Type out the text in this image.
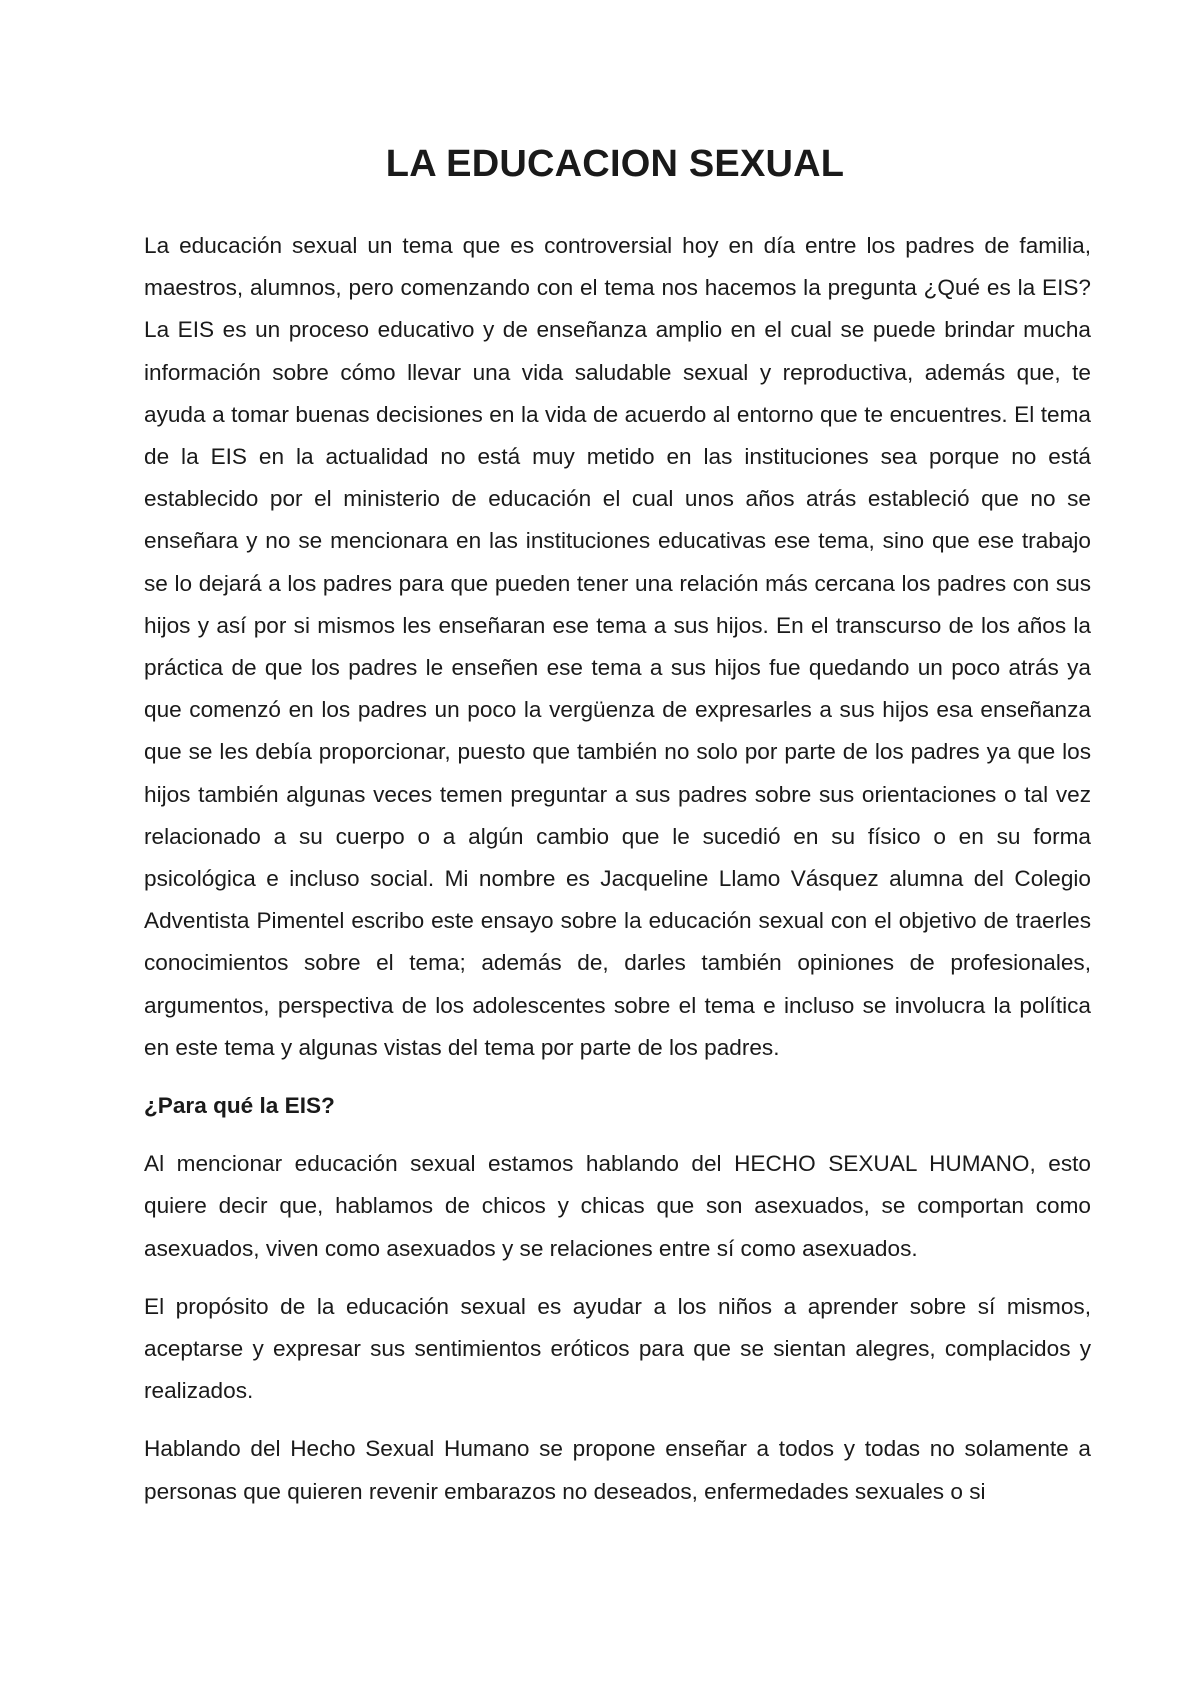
LA EDUCACION SEXUAL

La educación sexual un tema que es controversial hoy en día entre los padres de familia, maestros, alumnos, pero comenzando con el tema nos hacemos la pregunta ¿Qué es la EIS? La EIS es un proceso educativo y de enseñanza amplio en el cual se puede brindar mucha información sobre cómo llevar una vida saludable sexual y reproductiva, además que, te ayuda a tomar buenas decisiones en la vida de acuerdo al entorno que te encuentres. El tema de la EIS en la actualidad no está muy metido en las instituciones sea porque no está establecido por el ministerio de educación el cual unos años atrás estableció que no se enseñara y no se mencionara en las instituciones educativas ese tema, sino que ese trabajo se lo dejará a los padres para que pueden tener una relación más cercana los padres con sus hijos y así por si mismos les enseñaran ese tema a sus hijos. En el transcurso de los años la práctica de que los padres le enseñen ese tema a sus hijos fue quedando un poco atrás ya que comenzó en los padres un poco la vergüenza de expresarles a sus hijos esa enseñanza que se les debía proporcionar, puesto que también no solo por parte de los padres ya que los hijos también algunas veces temen preguntar a sus padres sobre sus orientaciones o tal vez relacionado a su cuerpo o a algún cambio que le sucedió en su físico o en su forma psicológica e incluso social. Mi nombre es Jacqueline Llamo Vásquez alumna del Colegio Adventista Pimentel escribo este ensayo sobre la educación sexual con el objetivo de traerles conocimientos sobre el tema; además de, darles también opiniones de profesionales, argumentos, perspectiva de los adolescentes sobre el tema e incluso se involucra la política en este tema y algunas vistas del tema por parte de los padres.

¿Para qué la EIS?

Al mencionar educación sexual estamos hablando del HECHO SEXUAL HUMANO, esto quiere decir que, hablamos de chicos y chicas que son asexuados, se comportan como asexuados, viven como asexuados y se relaciones entre sí como asexuados.

El propósito de la educación sexual es ayudar a los niños a aprender sobre sí mismos, aceptarse y expresar sus sentimientos eróticos para que se sientan alegres, complacidos y realizados.

Hablando del Hecho Sexual Humano se propone enseñar a todos y todas no solamente a personas que quieren revenir embarazos no deseados, enfermedades sexuales o si
